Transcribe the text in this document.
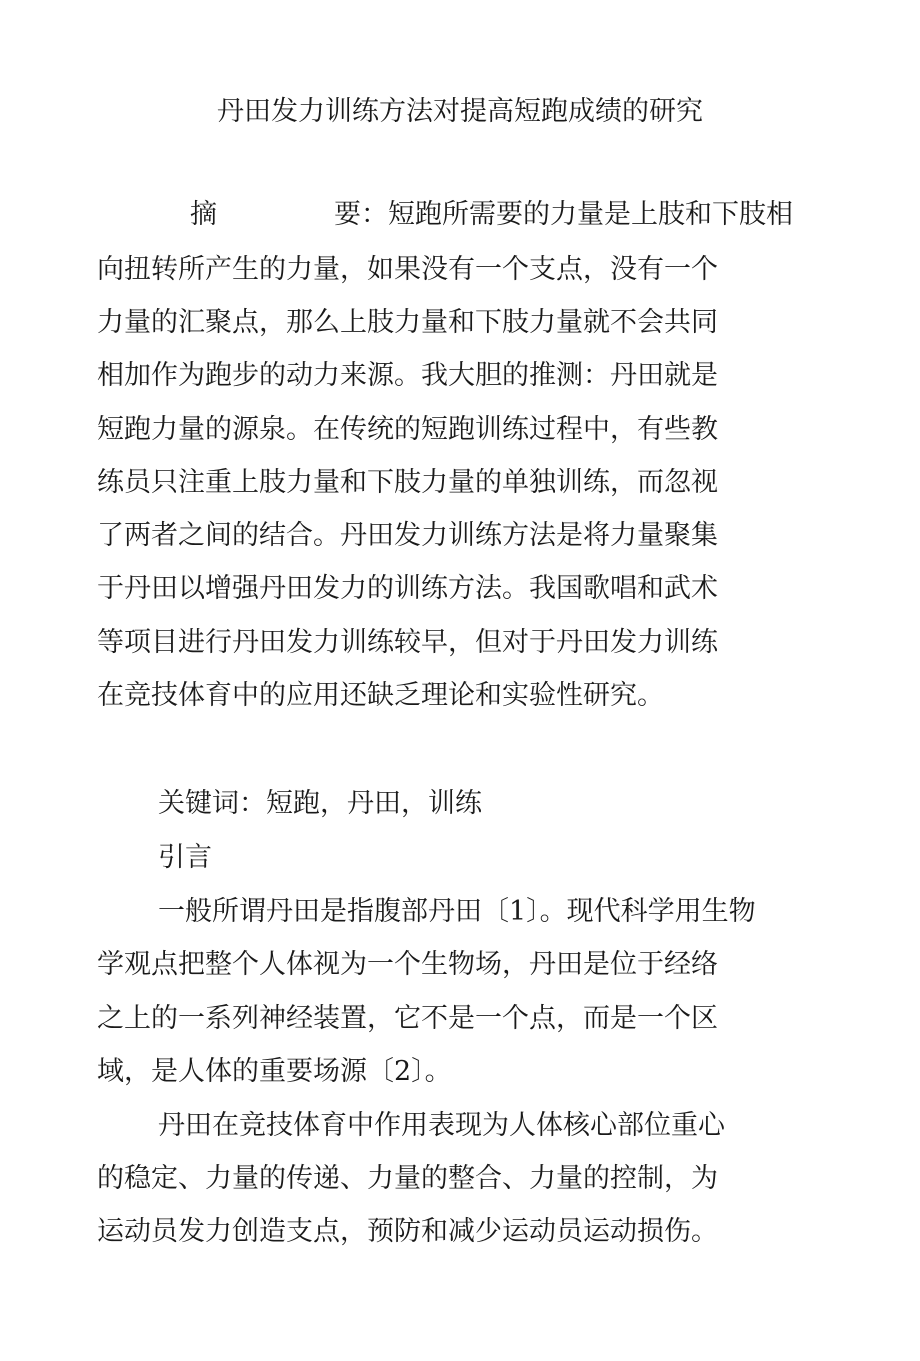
丹田发力训练方法对提高短跑成绩的研究
摘	要：短跑所需要的力量是上肢和下肢相
向扭转所产生的力量，如果没有一个支点，没有一个
力量的汇聚点，那么上肢力量和下肢力量就不会共同
相加作为跑步的动力来源。我大胆的推测：丹田就是
短跑力量的源泉。在传统的短跑训练过程中，有些教
练员只注重上肢力量和下肢力量的单独训练，而忽视
了两者之间的结合。丹田发力训练方法是将力量聚集
于丹田以增强丹田发力的训练方法。我国歌唱和武术
等项目进行丹田发力训练较早，但对于丹田发力训练
在竞技体育中的应用还缺乏理论和实验性研究。
关键词：短跑，丹田，训练
引言
一般所谓丹田是指腹部丹田〔1〕。现代科学用生物
学观点把整个人体视为一个生物场，丹田是位于经络
之上的一系列神经装置，它不是一个点，而是一个区
域，是人体的重要场源〔2〕。
丹田在竞技体育中作用表现为人体核心部位重心
的稳定、力量的传递、力量的整合、力量的控制，为
运动员发力创造支点，预防和减少运动员运动损伤。
